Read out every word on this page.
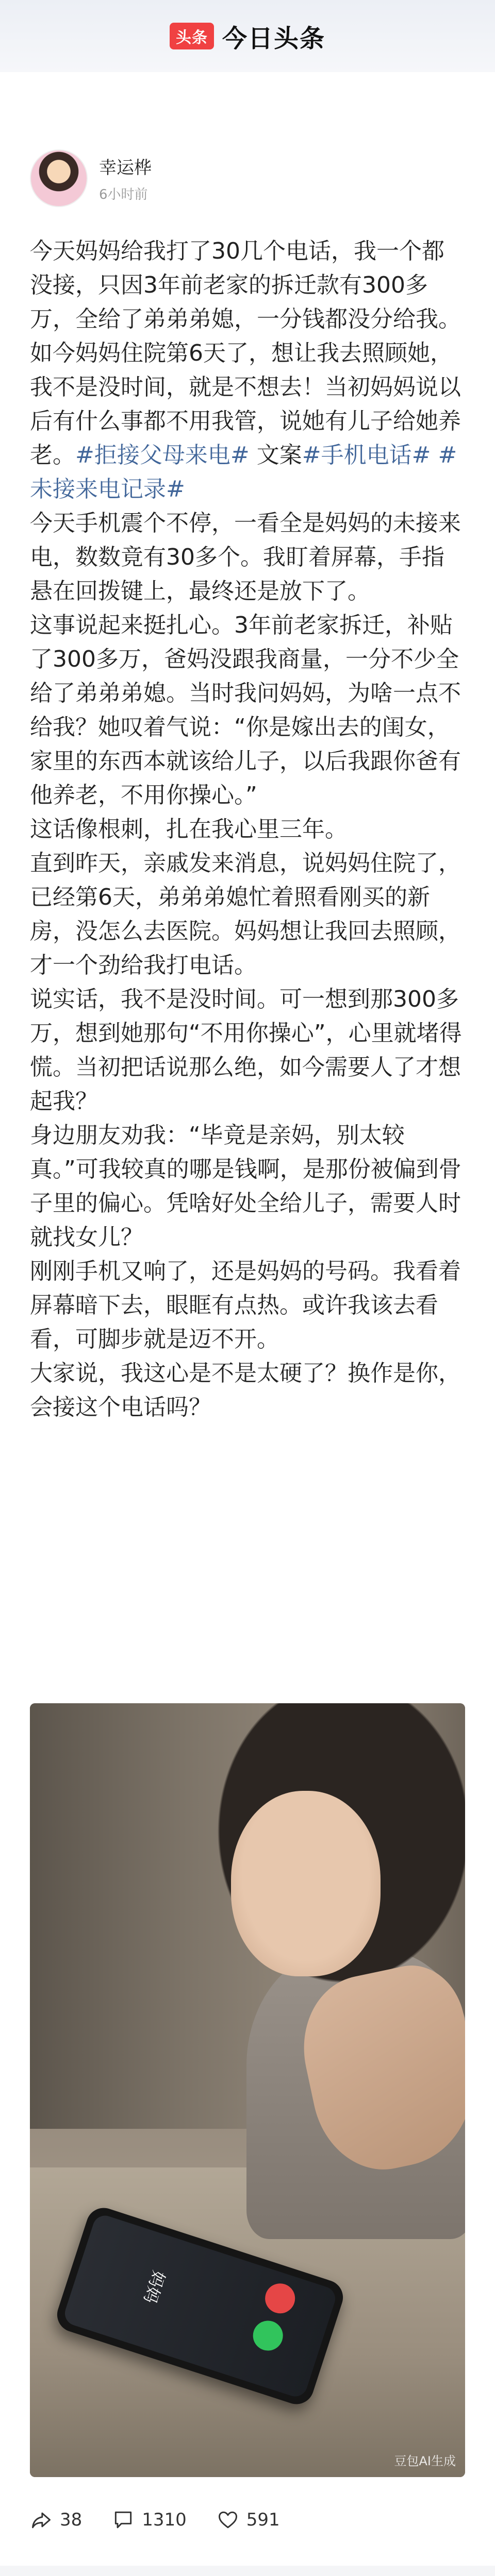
头条 今日头条
幸运桦
6小时前

今天妈妈给我打了30几个电话，我一个都没接，只因3年前老家的拆迁款有300多万，全给了弟弟弟媳，一分钱都没分给我。如今妈妈住院第6天了，想让我去照顾她，我不是没时间，就是不想去！当初妈妈说以后有什么事都不用我管，说她有儿子给她养老。#拒接父母来电# 文案#手机电话# #未接来电记录#

今天手机震个不停，一看全是妈妈的未接来电，数数竟有30多个。我盯着屏幕，手指悬在回拨键上，最终还是放下了。

这事说起来挺扎心。3年前老家拆迁，补贴了300多万，爸妈没跟我商量，一分不少全给了弟弟弟媳。当时我问妈妈，为啥一点不给我？她叹着气说：“你是嫁出去的闺女，家里的东西本就该给儿子，以后我跟你爸有他养老，不用你操心。”

这话像根刺，扎在我心里三年。

直到昨天，亲戚发来消息，说妈妈住院了，已经第6天，弟弟弟媳忙着照看刚买的新房，没怎么去医院。妈妈想让我回去照顾，才一个劲给我打电话。

说实话，我不是没时间。可一想到那300多万，想到她那句“不用你操心”，心里就堵得慌。当初把话说那么绝，如今需要人了才想起我？

身边朋友劝我：“毕竟是亲妈，别太较真。”可我较真的哪是钱啊，是那份被偏到骨子里的偏心。凭啥好处全给儿子，需要人时就找女儿？

刚刚手机又响了，还是妈妈的号码。我看着屏幕暗下去，眼眶有点热。或许我该去看看，可脚步就是迈不开。

大家说，我这心是不是太硬了？换作是你，会接这个电话吗？

妈妈
豆包AI生成
38	1310	591
